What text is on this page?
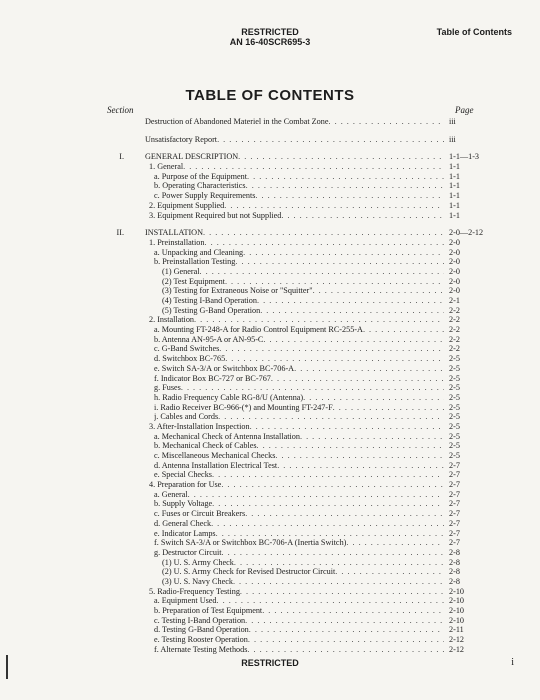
RESTRICTED
AN 16-40SCR695-3
Table of Contents
TABLE OF CONTENTS
Section	Page
Destruction of Abandoned Materiel in the Combat Zone . . .	iii
Unsatisfactory Report . . .	iii
I.	GENERAL DESCRIPTION . . .	1-1—1-3
1. General . . .	1-1
a. Purpose of the Equipment . . .	1-1
b. Operating Characteristics . . .	1-1
c. Power Supply Requirements . . .	1-1
2. Equipment Supplied . . .	1-1
3. Equipment Required but not Supplied . . .	1-1
II.	INSTALLATION . . .	2-0—2-12
1. Preinstallation . . .	2-0
a. Unpacking and Cleaning . . .	2-0
b. Preinstallation Testing . . .	2-0
(1) General . . .	2-0
(2) Test Equipment . . .	2-0
(3) Testing for Extraneous Noise or "Squitter" . . .	2-0
(4) Testing I-Band Operation . . .	2-1
(5) Testing G-Band Operation . . .	2-2
2. Installation . . .	2-2
a. Mounting FT-248-A for Radio Control Equipment RC-255-A . . .	2-2
b. Antenna AN-95-A or AN-95-C . . .	2-2
c. G-Band Switches . . .	2-2
d. Switchbox BC-765 . . .	2-5
e. Switch SA-3/A or Switchbox BC-706-A . . .	2-5
f. Indicator Box BC-727 or BC-767 . . .	2-5
g. Fuses . . .	2-5
h. Radio Frequency Cable RG-8/U (Antenna) . . .	2-5
i. Radio Receiver BC-966-(*) and Mounting FT-247-F . . .	2-5
j. Cables and Cords . . .	2-5
3. After-Installation Inspection . . .	2-5
a. Mechanical Check of Antenna Installation . . .	2-5
b. Mechanical Check of Cables . . .	2-5
c. Miscellaneous Mechanical Checks . . .	2-5
d. Antenna Installation Electrical Test . . .	2-7
e. Special Checks . . .	2-7
4. Preparation for Use . . .	2-7
a. General . . .	2-7
b. Supply Voltage . . .	2-7
c. Fuses or Circuit Breakers . . .	2-7
d. General Check . . .	2-7
e. Indicator Lamps . . .	2-7
f. Switch SA-3/A or Switchbox BC-706-A (Inertia Switch) . . .	2-7
g. Destructor Circuit . . .	2-8
(1) U. S. Army Check . . .	2-8
(2) U. S. Army Check for Revised Destructor Circuit . . .	2-8
(3) U. S. Navy Check . . .	2-8
5. Radio-Frequency Testing . . .	2-10
a. Equipment Used . . .	2-10
b. Preparation of Test Equipment . . .	2-10
c. Testing I-Band Operation . . .	2-10
d. Testing G-Band Operation . . .	2-11
e. Testing Rooster Operation . . .	2-12
f. Alternate Testing Methods . . .	2-12
RESTRICTED	i
